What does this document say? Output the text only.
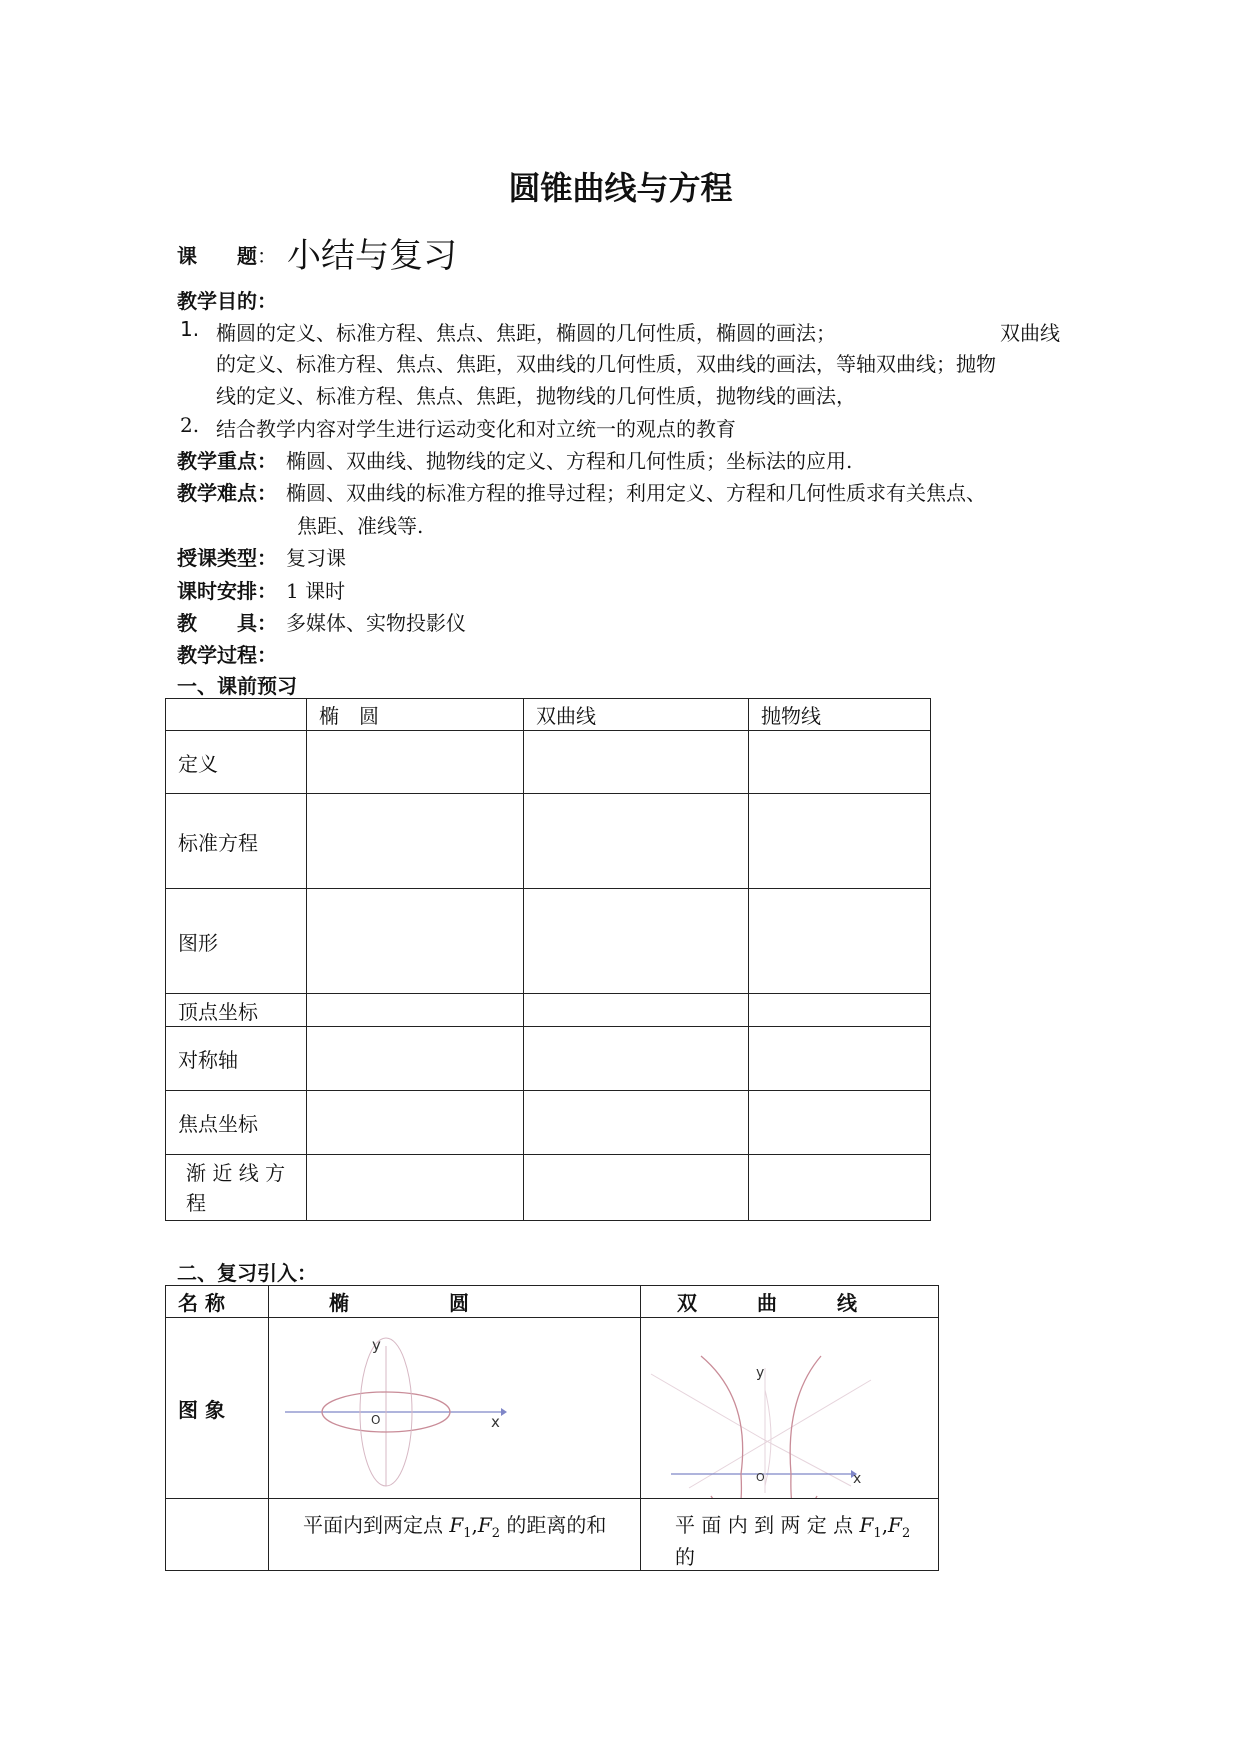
圆锥曲线与方程
课　　题： 小结与复习
教学目的：
1. 椭圆的定义、标准方程、焦点、焦距，椭圆的几何性质，椭圆的画法；	双曲线
的定义、标准方程、焦点、焦距，双曲线的几何性质，双曲线的画法，等轴双曲线；抛物
线的定义、标准方程、焦点、焦距，抛物线的几何性质，抛物线的画法，
2. 结合教学内容对学生进行运动变化和对立统一的观点的教育
教学重点： 椭圆、双曲线、抛物线的定义、方程和几何性质；坐标法的应用.
教学难点： 椭圆、双曲线的标准方程的推导过程；利用定义、方程和几何性质求有关焦点、
焦距、准线等.
授课类型： 复习课
课时安排： 1 课时
教　　具： 多媒体、实物投影仪
教学过程：
一、课前预习
	椭　圆	双曲线	抛物线
定义			
标准方程			
图形			
顶点坐标			
对称轴			
焦点坐标			
渐 近 线 方 程			
二、复习引入：
名 称	椭　　　　　圆	双　　　曲　　　线
图 象	y
O x	y
O x

	平面内到两定点 $F_1,F_2$ 的距离的和	平 面 内 到 两 定 点 $F_1,F_2$ 的
